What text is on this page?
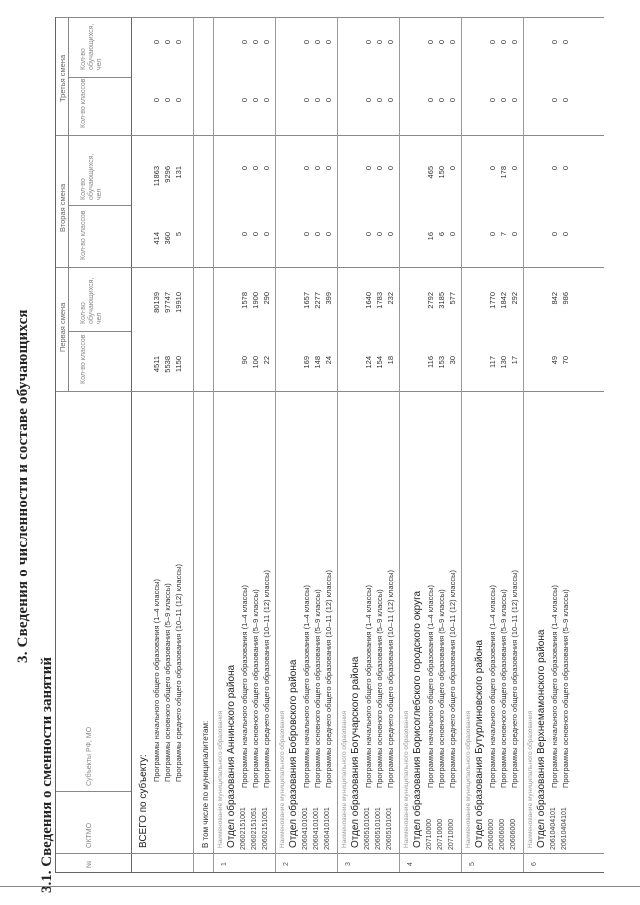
3. Сведения о численности и составе обучающихся
3.1. Сведения о сменности занятий	№
ОКТМО
Субъекты РФ, МО
Первая смена
Вторая смена
Третья смена
Кол-во классов
Кол-во обучающихся, чел
Кол-во классов
Кол-во обучающихся, чел
Кол-во классов
Кол-во обучающихся, чел
ВСЕГО по субъекту:
Программы начального общего образования (1–4 классы)
4511
80139
414
11863
0
0
Программы основного общего образования (5–9 классы)
5538
97747
360
9296
0
0
Программы среднего общего образования (10–11 (12) классы)
1150
19910
5
131
0
0
В том числе по муниципалитетам:
1
Наименование муниципального образования Отдел образования Аннинского района 20602151001
Программы начального общего образования (1–4 классы)
90
1578
0
0
0
0
20602151051
Программы основного общего образования (5–9 классы)
100
1900
0
0
0
0
20602151051
Программы среднего общего образования (10–11 (12) классы)
22
290
0
0
0
0
2
Наименование муниципального образования Отдел образования Бобровского района 20604101001
Программы начального общего образования (1–4 классы)
169
1657
0
0
0
0
20604101001
Программы основного общего образования (5–9 классы)
148
2277
0
0
0
0
20604101001
Программы среднего общего образования (10–11 (12) классы)
24
399
0
0
0
0
3
Наименование муниципального образования Отдел образования Богучарского района 20605101001
Программы начального общего образования (1–4 классы)
124
1640
0
0
0
0
20605101001
Программы основного общего образования (5–9 классы)
154
1783
0
0
0
0
20605101001
Программы среднего общего образования (10–11 (12) классы)
18
232
0
0
0
0
4
Наименование муниципального образования Отдел образования Борисоглебского городского округа 20710000
Программы начального общего образования (1–4 классы)
116
2792
16
465
0
0
20710000
Программы основного общего образования (5–9 классы)
153
3185
6
150
0
0
20710000
Программы среднего общего образования (10–11 (12) классы)
30
577
0
0
0
0
5
Наименование муниципального образования Отдел образования Бутурлиновского района 20606000
Программы начального общего образования (1–4 классы)
117
1770
0
0
0
0
20606000
Программы основного общего образования (5–9 классы)
130
1842
7
178
0
0
20606000
Программы среднего общего образования (10–11 (12) классы)
17
292
0
0
0
0
6
Наименование муниципального образования Отдел образования Верхнемамонского района 20610404101
Программы начального общего образования (1–4 классы)
49
842
0
0
0
0
20610404101
Программы основного общего образования (5–9 классы)
70
986
0
0
0
0
